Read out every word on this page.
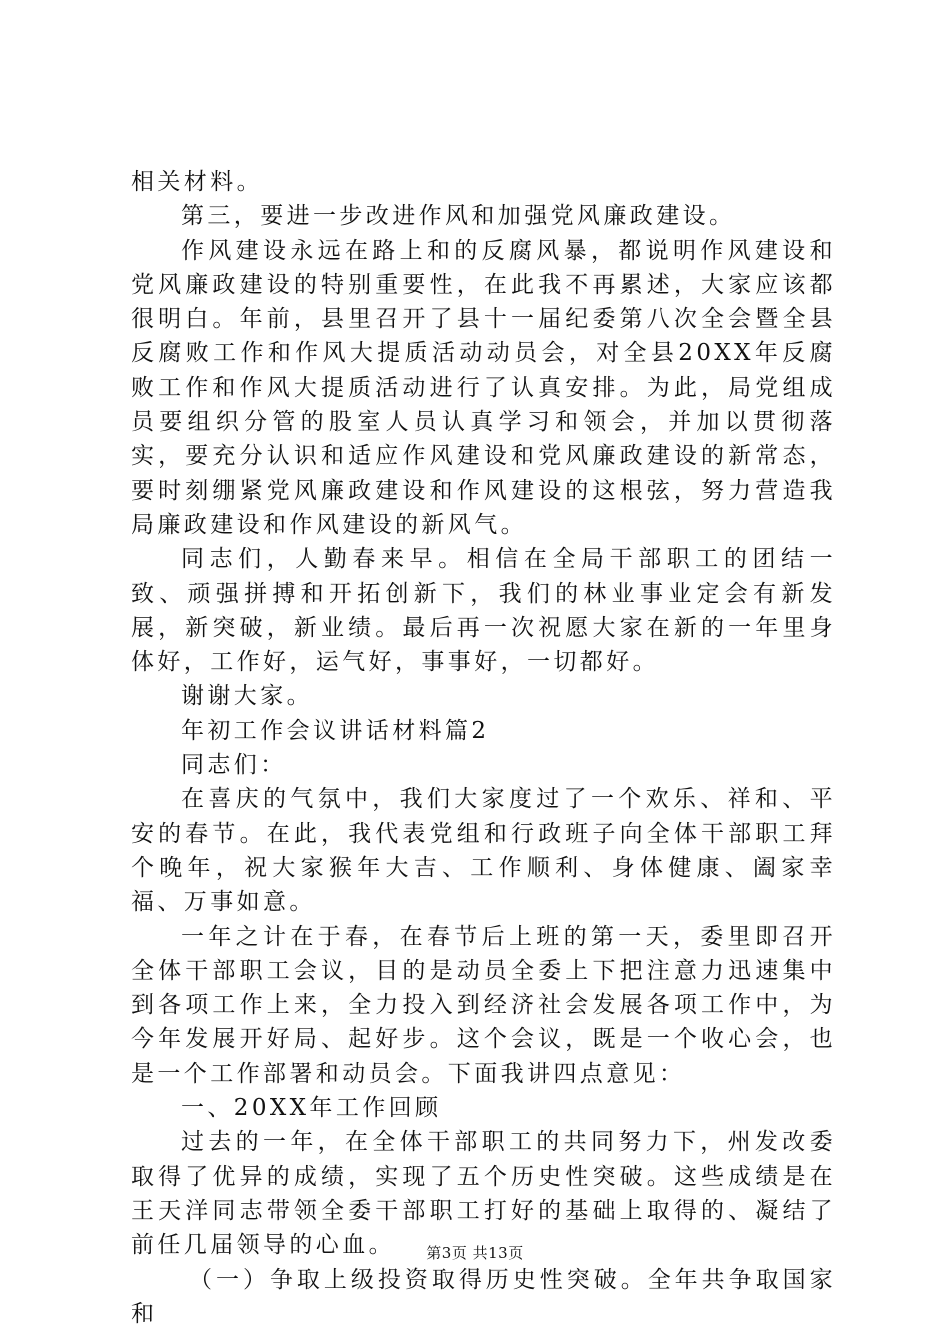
相关材料。

第三，要进一步改进作风和加强党风廉政建设。

作风建设永远在路上和的反腐风暴，都说明作风建设和党风廉政建设的特别重要性，在此我不再累述，大家应该都很明白。年前，县里召开了县十一届纪委第八次全会暨全县反腐败工作和作风大提质活动动员会，对全县20XX年反腐败工作和作风大提质活动进行了认真安排。为此，局党组成员要组织分管的股室人员认真学习和领会，并加以贯彻落实，要充分认识和适应作风建设和党风廉政建设的新常态，要时刻绷紧党风廉政建设和作风建设的这根弦，努力营造我局廉政建设和作风建设的新风气。

同志们，人勤春来早。相信在全局干部职工的团结一致、顽强拼搏和开拓创新下，我们的林业事业定会有新发展，新突破，新业绩。最后再一次祝愿大家在新的一年里身体好，工作好，运气好，事事好，一切都好。

谢谢大家。

年初工作会议讲话材料篇2

同志们：

在喜庆的气氛中，我们大家度过了一个欢乐、祥和、平安的春节。在此，我代表党组和行政班子向全体干部职工拜个晚年，祝大家猴年大吉、工作顺利、身体健康、阖家幸福、万事如意。

一年之计在于春，在春节后上班的第一天，委里即召开全体干部职工会议，目的是动员全委上下把注意力迅速集中到各项工作上来，全力投入到经济社会发展各项工作中，为今年发展开好局、起好步。这个会议，既是一个收心会，也是一个工作部署和动员会。下面我讲四点意见：

一、20XX年工作回顾

过去的一年，在全体干部职工的共同努力下，州发改委取得了优异的成绩，实现了五个历史性突破。这些成绩是在王天洋同志带领全委干部职工打好的基础上取得的、凝结了前任几届领导的心血。

（一）争取上级投资取得历史性突破。全年共争取国家和

第3页 共13页
